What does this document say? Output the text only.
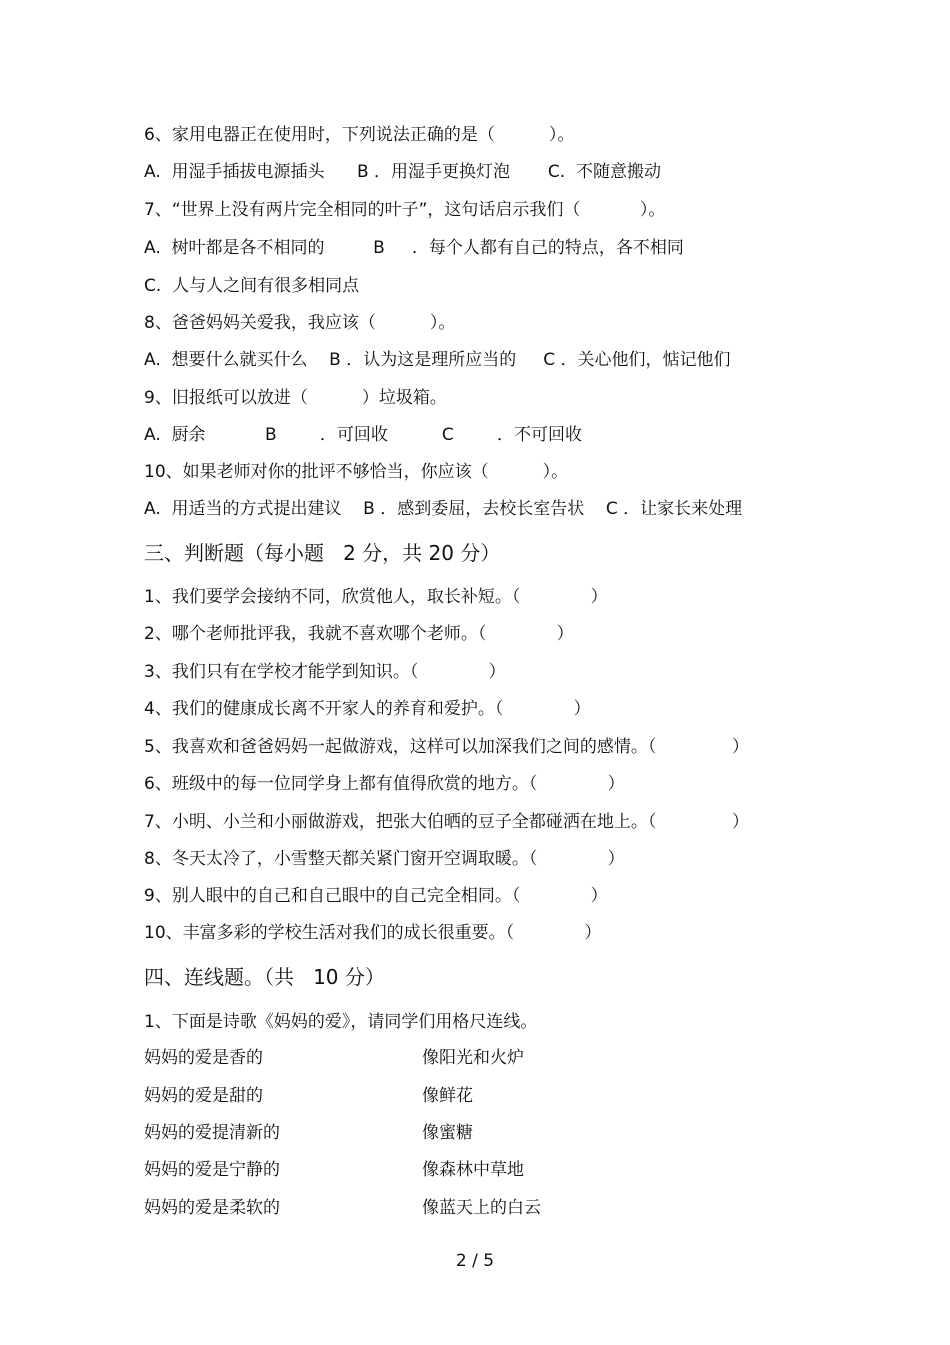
6、家用电器正在使用时，下列说法正确的是（          ）。
A.  用湿手插拔电源插头      B ．用湿手更换灯泡       C.  不随意搬动
7、“世界上没有两片完全相同的叶子”，这句话启示我们（           ）。
A.  树叶都是各不相同的         B     ．每个人都有自己的特点，各不相同
C.  人与人之间有很多相同点
8、爸爸妈妈关爱我，我应该（          ）。
A.  想要什么就买什么    B ．认为这是理所应当的     C ．关心他们，惦记他们
9、旧报纸可以放进（          ）垃圾箱。
A.  厨余           B        ．可回收          C        ．不可回收
10、如果老师对你的批评不够恰当，你应该（          ）。
A.  用适当的方式提出建议    B ．感到委屈，去校长室告状    C ．让家长来处理
三、判断题（每小题   2 分，共 20 分）
1、我们要学会接纳不同，欣赏他人，取长补短。（             ）
2、哪个老师批评我，我就不喜欢哪个老师。（             ）
3、我们只有在学校才能学到知识。（             ）
4、我们的健康成长离不开家人的养育和爱护。（             ）
5、我喜欢和爸爸妈妈一起做游戏，这样可以加深我们之间的感情。（              ）
6、班级中的每一位同学身上都有值得欣赏的地方。（             ）
7、小明、小兰和小丽做游戏，把张大伯晒的豆子全都碰洒在地上。（              ）
8、冬天太冷了，小雪整天都关紧门窗开空调取暖。（             ）
9、别人眼中的自己和自己眼中的自己完全相同。（             ）
10、丰富多彩的学校生活对我们的成长很重要。（             ）
四、连线题。（共   10 分）
1、下面是诗歌《妈妈的爱》，请同学们用格尺连线。
妈妈的爱是香的	像阳光和火炉
妈妈的爱是甜的	像鲜花
妈妈的爱提清新的	像蜜糖
妈妈的爱是宁静的	像森林中草地
妈妈的爱是柔软的	像蓝天上的白云
2 / 5
